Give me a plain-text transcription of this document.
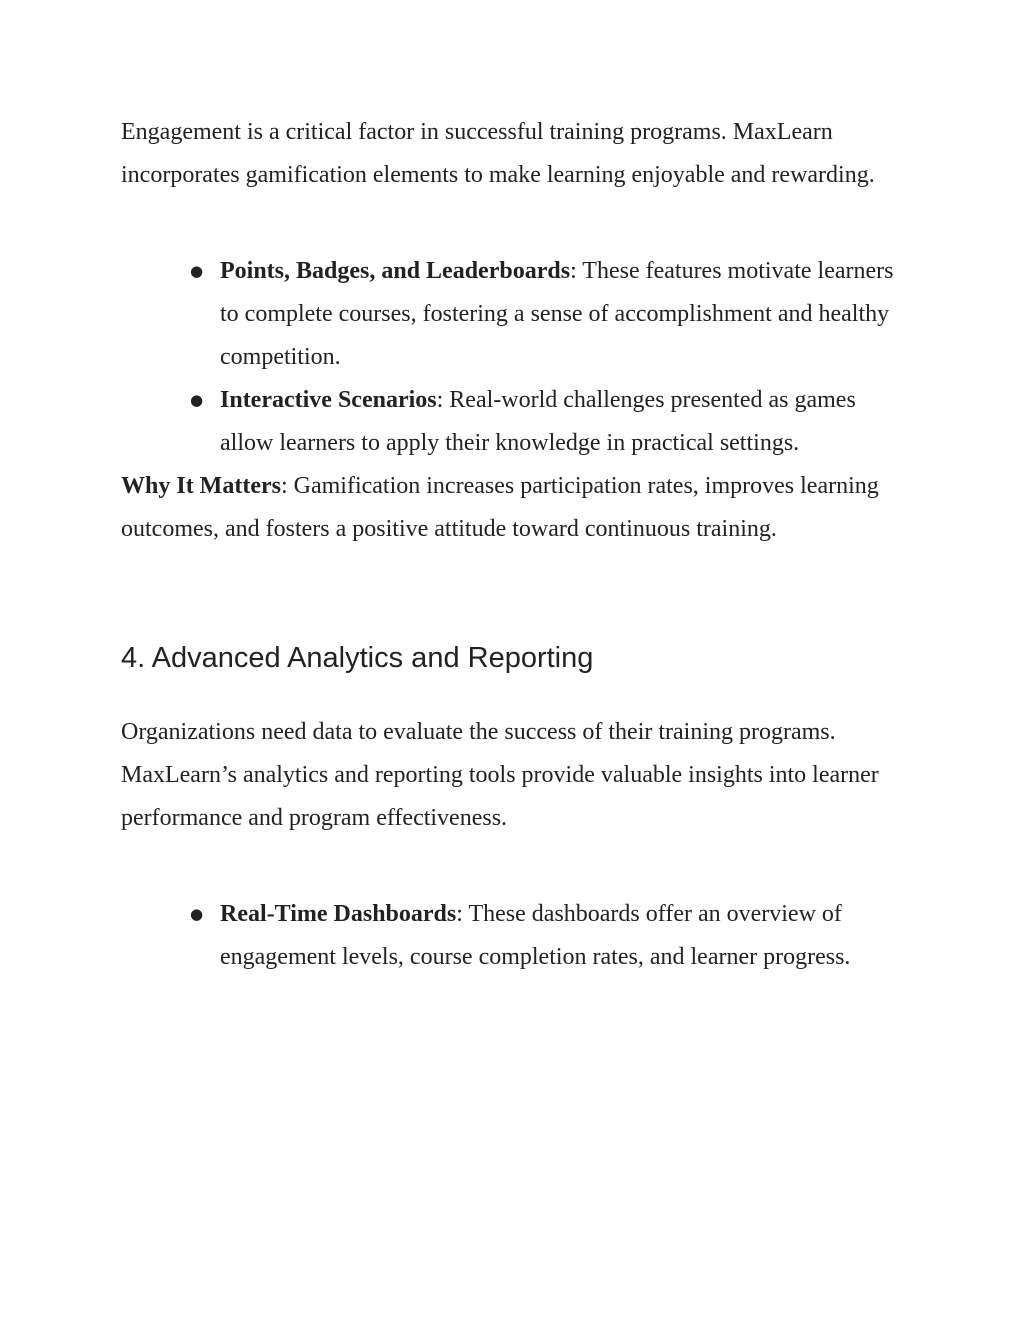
Engagement is a critical factor in successful training programs. MaxLearn incorporates gamification elements to make learning enjoyable and rewarding.

● Points, Badges, and Leaderboards: These features motivate learners to complete courses, fostering a sense of accomplishment and healthy competition.
● Interactive Scenarios: Real-world challenges presented as games allow learners to apply their knowledge in practical settings.

Why It Matters: Gamification increases participation rates, improves learning outcomes, and fosters a positive attitude toward continuous training.

4. Advanced Analytics and Reporting

Organizations need data to evaluate the success of their training programs. MaxLearn’s analytics and reporting tools provide valuable insights into learner performance and program effectiveness.

● Real-Time Dashboards: These dashboards offer an overview of engagement levels, course completion rates, and learner progress.
